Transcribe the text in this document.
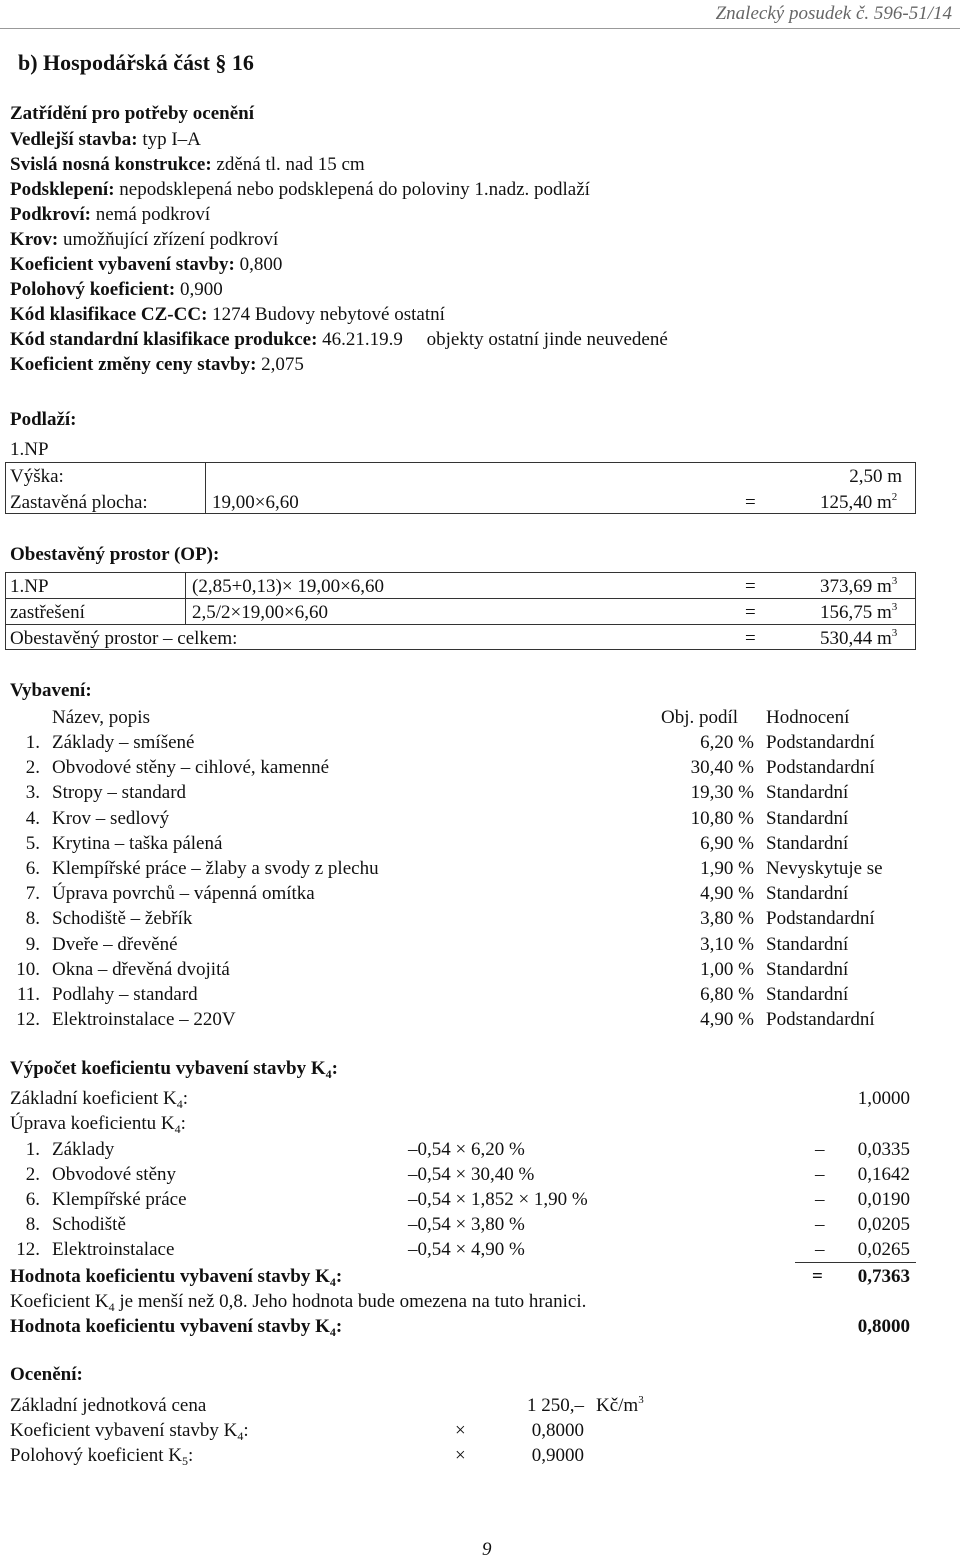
Znalecký posudek č. 596-51/14
b) Hospodářská část § 16
Zatřídění pro potřeby ocenění
Vedlejší stavba: typ I–A
Svislá nosná konstrukce: zděná tl. nad 15 cm
Podsklepení: nepodsklepená nebo podsklepená do poloviny 1.nadz. podlaží
Podkroví: nemá podkroví
Krov: umožňující zřízení podkroví
Koeficient vybavení stavby: 0,800
Polohový koeficient: 0,900
Kód klasifikace CZ-CC: 1274 Budovy nebytové ostatní
Kód standardní klasifikace produkce: 46.21.19.9     objekty ostatní jinde neuvedené
Koeficient změny ceny stavby: 2,075
Podlaží:
1.NP
Výška:	2,50 m
Zastavěná plocha:	19,00×6,60	=	125,40 $m^2$
Obestavěný prostor (OP):
1.NP	(2,85+0,13)× 19,00×6,60	=	373,69 $m^3$
zastřešení	2,5/2×19,00×6,60	=	156,75 $m^3$
Obestavěný prostor – celkem:	=	530,44 $m^3$
Vybavení:
Název, popis	Obj. podíl Hodnocení
1. Základy – smíšené	6,20 % Podstandardní
2. Obvodové stěny – cihlové, kamenné	30,40 % Podstandardní
3. Stropy – standard	19,30 % Standardní
4. Krov – sedlový	10,80 % Standardní
5. Krytina – taška pálená	6,90 % Standardní
6. Klempířské práce – žlaby a svody z plechu	1,90 % Nevyskytuje se
7. Úprava povrchů – vápenná omítka	4,90 % Standardní
8. Schodiště – žebřík	3,80 % Podstandardní
9. Dveře – dřevěné	3,10 % Standardní
10. Okna – dřevěná dvojitá	1,00 % Standardní
11. Podlahy – standard	6,80 % Standardní
12. Elektroinstalace – 220V	4,90 % Podstandardní
Výpočet koeficientu vybavení stavby $K_4$:
Základní koeficient $K_4$:	1,0000
Úprava koeficientu $K_4$:
1. Základy	–0,54 × 6,20 %	– 0,0335
2. Obvodové stěny	–0,54 × 30,40 %	– 0,1642
6. Klempířské práce	–0,54 × 1,852 × 1,90 %	– 0,0190
8. Schodiště	–0,54 × 3,80 %	– 0,0205
12. Elektroinstalace	–0,54 × 4,90 %	– 0,0265
Hodnota koeficientu vybavení stavby $K_4$:	= 0,7363
Koeficient $K_4$ je menší než 0,8. Jeho hodnota bude omezena na tuto hranici.
Hodnota koeficientu vybavení stavby $K_4$:	0,8000
Ocenění:
Základní jednotková cena	1 250,– $Kč/m^3$
Koeficient vybavení stavby $K_4$:	×	0,8000
Polohový koeficient $K_5$:	×	0,9000
9
